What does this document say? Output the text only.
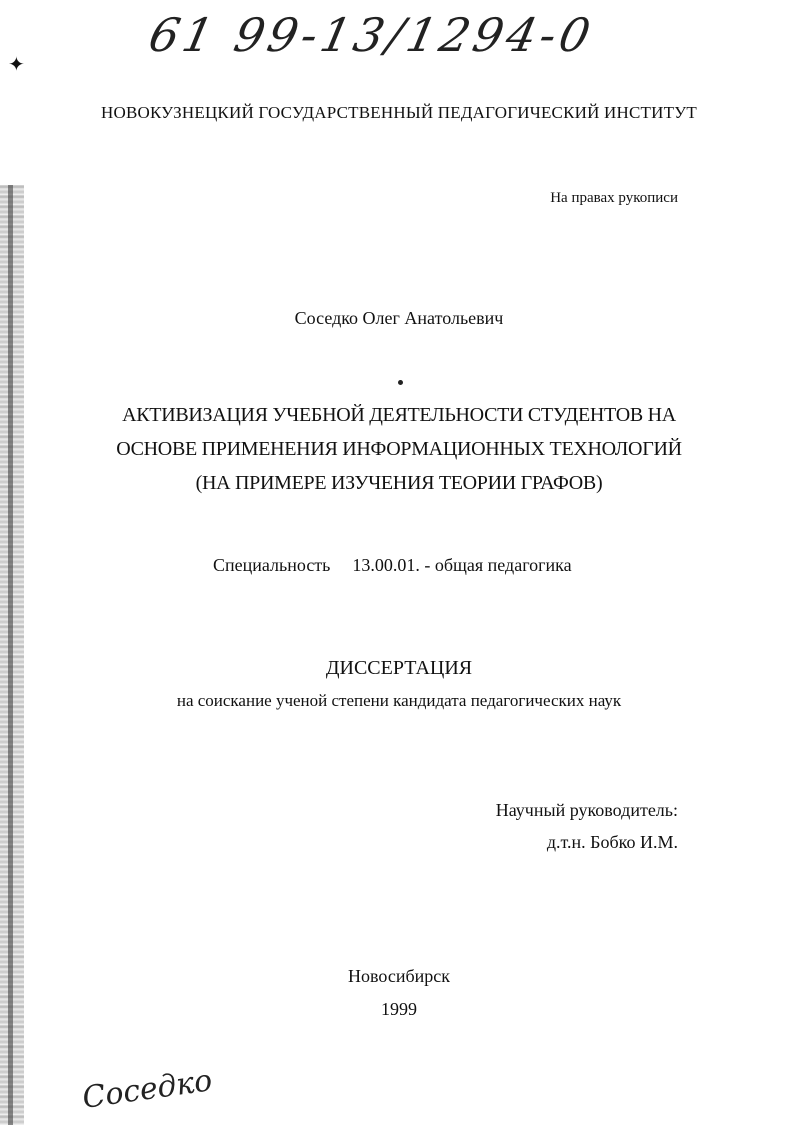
✦
61 99-13/1294-0
НОВОКУЗНЕЦКИЙ ГОСУДАРСТВЕННЫЙ ПЕДАГОГИЧЕСКИЙ ИНСТИТУТ
На правах рукописи
Соседко Олег Анатольевич
АКТИВИЗАЦИЯ УЧЕБНОЙ ДЕЯТЕЛЬНОСТИ СТУДЕНТОВ НА
ОСНОВЕ ПРИМЕНЕНИЯ ИНФОРМАЦИОННЫХ ТЕХНОЛОГИЙ
(НА ПРИМЕРЕ ИЗУЧЕНИЯ ТЕОРИИ ГРАФОВ)
Специальность 13.00.01. - общая педагогика
ДИССЕРТАЦИЯ
на соискание ученой степени кандидата педагогических наук
Научный руководитель:
д.т.н. Бобко И.М.
Новосибирск
1999
Соседко
